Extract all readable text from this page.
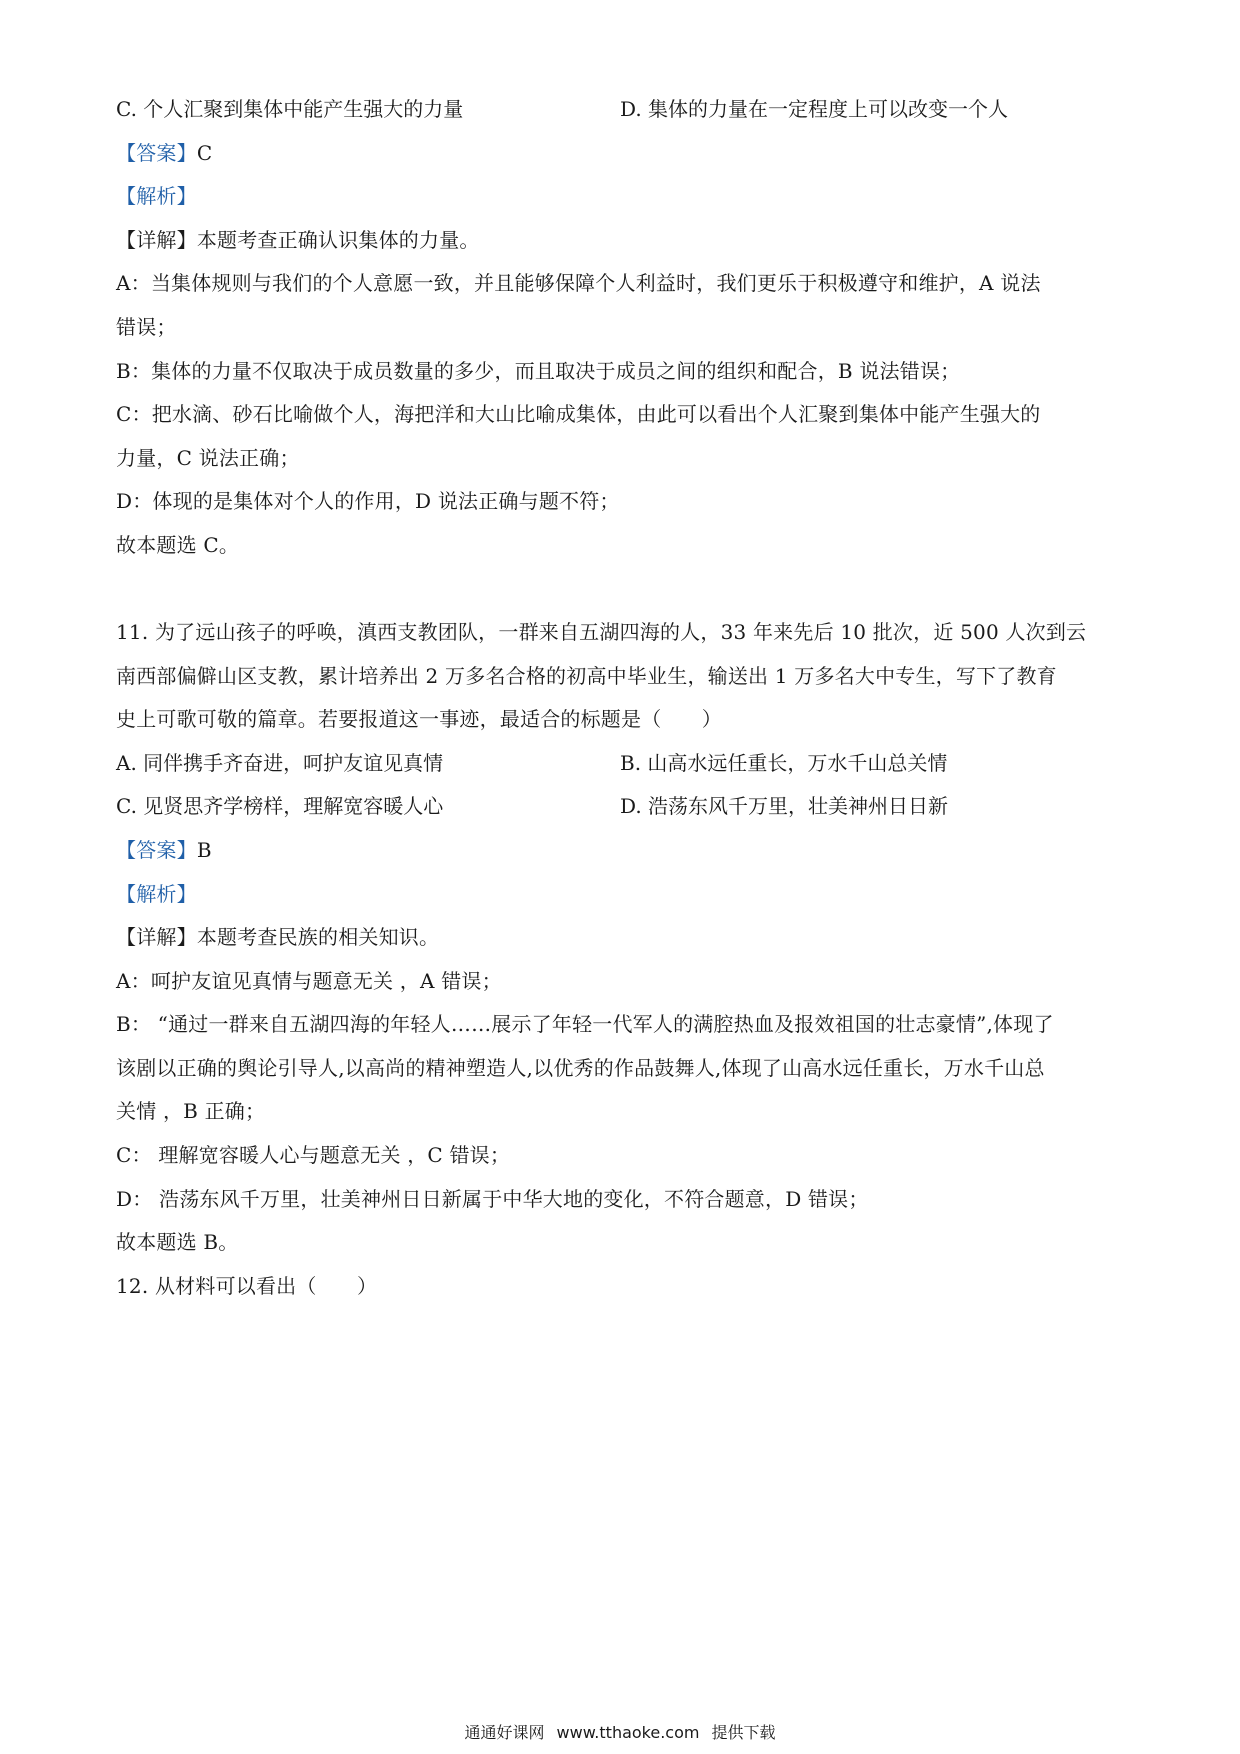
C. 个人汇聚到集体中能产生强大的力量	D. 集体的力量在一定程度上可以改变一个人
【答案】C
【解析】
【详解】本题考查正确认识集体的力量。
A：当集体规则与我们的个人意愿一致，并且能够保障个人利益时，我们更乐于积极遵守和维护，A 说法
错误；
B：集体的力量不仅取决于成员数量的多少，而且取决于成员之间的组织和配合，B 说法错误；
C：把水滴、砂石比喻做个人，海把洋和大山比喻成集体，由此可以看出个人汇聚到集体中能产生强大的
力量，C 说法正确；
D：体现的是集体对个人的作用，D 说法正确与题不符；
故本题选 C。
11. 为了远山孩子的呼唤，滇西支教团队，一群来自五湖四海的人，33 年来先后 10 批次，近 500 人次到云
南西部偏僻山区支教，累计培养出 2 万多名合格的初高中毕业生，输送出 1 万多名大中专生，写下了教育
史上可歌可敬的篇章。若要报道这一事迹，最适合的标题是（　　）
A. 同伴携手齐奋进，呵护友谊见真情	B. 山高水远任重长，万水千山总关情
C. 见贤思齐学榜样，理解宽容暖人心	D. 浩荡东风千万里，壮美神州日日新
【答案】B
【解析】
【详解】本题考查民族的相关知识。
A：呵护友谊见真情与题意无关 ，A 错误；
B： “通过一群来自五湖四海的年轻人……展示了年轻一代军人的满腔热血及报效祖国的壮志豪情”,体现了
该剧以正确的舆论引导人,以高尚的精神塑造人,以优秀的作品鼓舞人,体现了山高水远任重长，万水千山总
关情 ，B 正确；
C： 理解宽容暖人心与题意无关 ，C 错误；
D： 浩荡东风千万里，壮美神州日日新属于中华大地的变化，不符合题意，D 错误；
故本题选 B。
12. 从材料可以看出（　　）
通通好课网 www.tthaoke.com 提供下载
